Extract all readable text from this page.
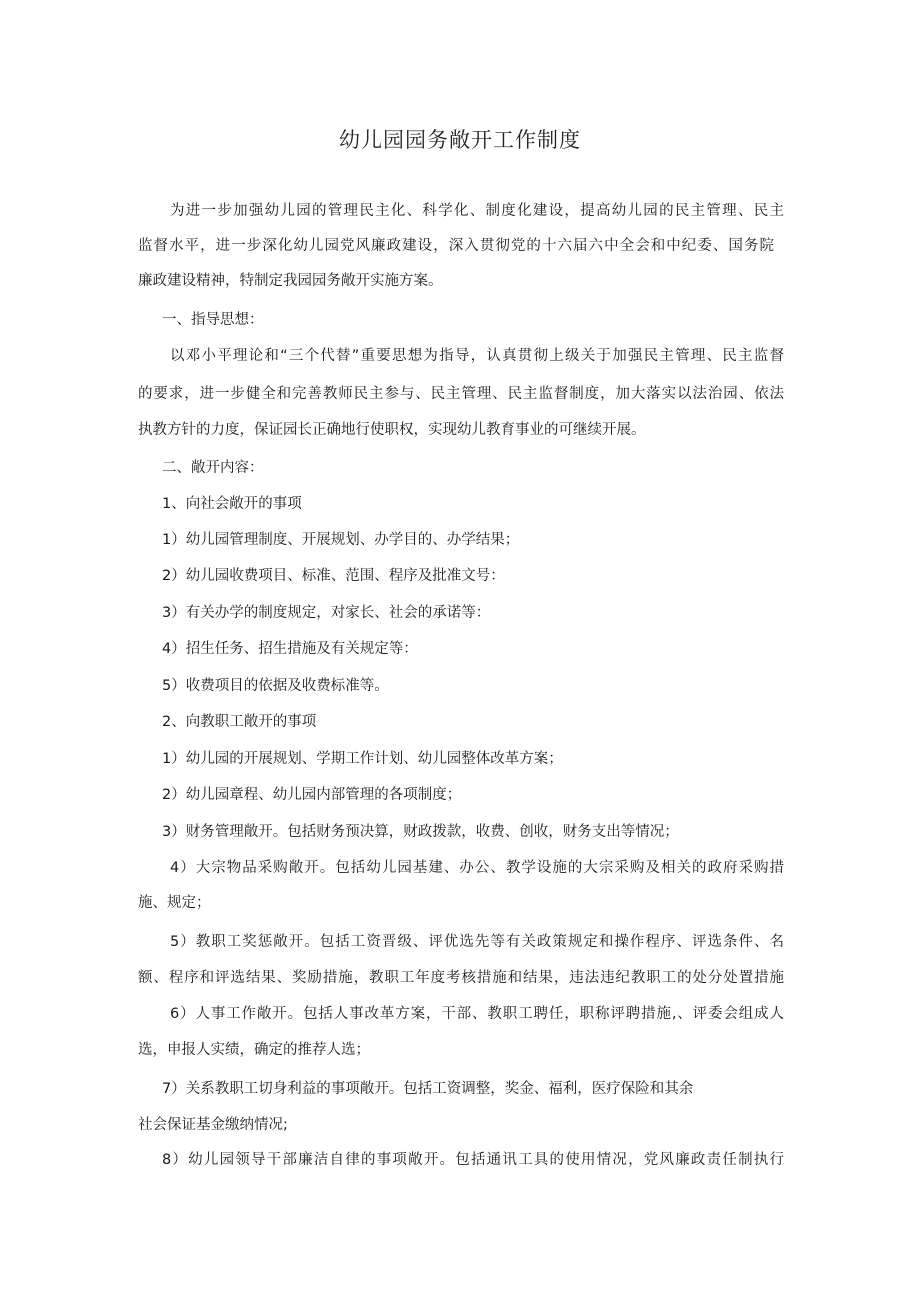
幼儿园园务敞开工作制度
为进一步加强幼儿园的管理民主化、科学化、制度化建设，提高幼儿园的民主管理、民主
监督水平，进一步深化幼儿园党风廉政建设，深入贯彻党的十六届六中全会和中纪委、国务院
廉政建设精神，特制定我园园务敞开实施方案。
一、指导思想：
以邓小平理论和“三个代替”重要思想为指导，认真贯彻上级关于加强民主管理、民主监督
的要求，进一步健全和完善教师民主参与、民主管理、民主监督制度，加大落实以法治园、依法
执教方针的力度，保证园长正确地行使职权，实现幼儿教育事业的可继续开展。
二、敞开内容：
1、向社会敞开的事项
1）幼儿园管理制度、开展规划、办学目的、办学结果；
2）幼儿园收费项目、标准、范围、程序及批准文号：
3）有关办学的制度规定，对家长、社会的承诺等：
4）招生任务、招生措施及有关规定等：
5）收费项目的依据及收费标准等。
2、向教职工敞开的事项
1）幼儿园的开展规划、学期工作计划、幼儿园整体改革方案；
2）幼儿园章程、幼儿园内部管理的各项制度；
3）财务管理敞开。包括财务预决算，财政拨款，收费、创收，财务支出等情况；
4）大宗物品采购敞开。包括幼儿园基建、办公、教学设施的大宗采购及相关的政府采购措
施、规定；
5）教职工奖惩敞开。包括工资晋级、评优选先等有关政策规定和操作程序、评选条件、名
额、程序和评选结果、奖励措施，教职工年度考核措施和结果，违法违纪教职工的处分处置措施
6）人事工作敞开。包括人事改革方案，干部、教职工聘任，职称评聘措施,、评委会组成人
选，申报人实绩，确定的推荐人选；
7）关系教职工切身利益的事项敞开。包括工资调整，奖金、福利，医疗保险和其余
社会保证基金缴纳情况;
8）幼儿园领导干部廉洁自律的事项敞开。包括通讯工具的使用情况，党风廉政责任制执行
